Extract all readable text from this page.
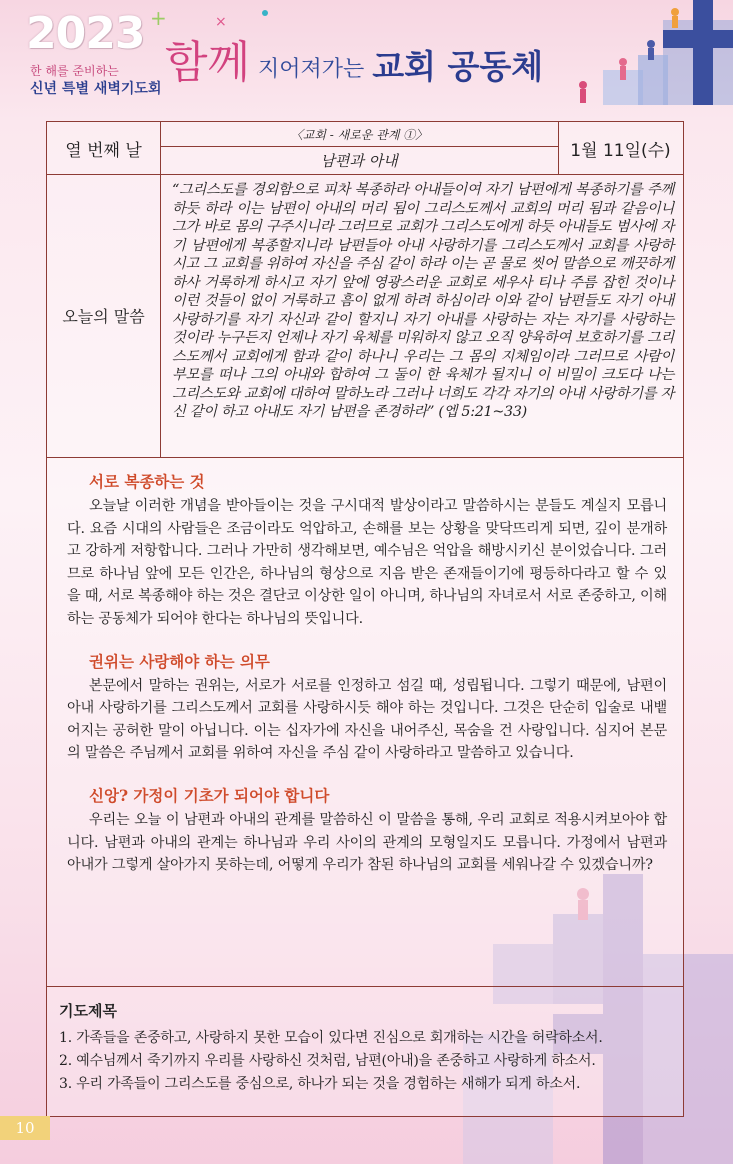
2023
한 해를 준비하는
신년 특별 새벽기도회
+	×
함께 지어져가는 교회 공동체
열 번째 날
〈교회 - 새로운 관계 ①〉
남편과 아내
1월 11일(수)
오늘의 말씀
“그리스도를 경외함으로 피차 복종하라 아내들이여 자기 남편에게 복종하기를 주께 하듯 하라 이는 남편이 아내의 머리 됨이 그리스도께서 교회의 머리 됨과 같음이니 그가 바로 몸의 구주시니라 그러므로 교회가 그리스도에게 하듯 아내들도 범사에 자기 남편에게 복종할지니라 남편들아 아내 사랑하기를 그리스도께서 교회를 사랑하시고 그 교회를 위하여 자신을 주심 같이 하라 이는 곧 물로 씻어 말씀으로 깨끗하게 하사 거룩하게 하시고 자기 앞에 영광스러운 교회로 세우사 티나 주름 잡힌 것이나 이런 것들이 없이 거룩하고 흠이 없게 하려 하심이라 이와 같이 남편들도 자기 아내 사랑하기를 자기 자신과 같이 할지니 자기 아내를 사랑하는 자는 자기를 사랑하는 것이라 누구든지 언제나 자기 육체를 미워하지 않고 오직 양육하여 보호하기를 그리스도께서 교회에게 함과 같이 하나니 우리는 그 몸의 지체임이라 그러므로 사람이 부모를 떠나 그의 아내와 합하여 그 둘이 한 육체가 될지니 이 비밀이 크도다 나는 그리스도와 교회에 대하여 말하노라 그러나 너희도 각각 자기의 아내 사랑하기를 자신 같이 하고 아내도 자기 남편을 존경하라” (엡 5:21~33)
서로 복종하는 것

오늘날 이러한 개념을 받아들이는 것을 구시대적 발상이라고 말씀하시는 분들도 계실지 모릅니다. 요즘 시대의 사람들은 조금이라도 억압하고, 손해를 보는 상황을 맞닥뜨리게 되면, 깊이 분개하고 강하게 저항합니다. 그러나 가만히 생각해보면, 예수님은 억압을 해방시키신 분이었습니다. 그러므로 하나님 앞에 모든 인간은, 하나님의 형상으로 지음 받은 존재들이기에 평등하다라고 할 수 있을 때, 서로 복종해야 하는 것은 결단코 이상한 일이 아니며, 하나님의 자녀로서 서로 존중하고, 이해하는 공동체가 되어야 한다는 하나님의 뜻입니다.

권위는 사랑해야 하는 의무

본문에서 말하는 권위는, 서로가 서로를 인정하고 섬길 때, 성립됩니다. 그렇기 때문에, 남편이 아내 사랑하기를 그리스도께서 교회를 사랑하시듯 해야 하는 것입니다. 그것은 단순히 입술로 내뱉어지는 공허한 말이 아닙니다. 이는 십자가에 자신을 내어주신, 목숨을 건 사랑입니다. 심지어 본문의 말씀은 주님께서 교회를 위하여 자신을 주심 같이 사랑하라고 말씀하고 있습니다.

신앙? 가정이 기초가 되어야 합니다

우리는 오늘 이 남편과 아내의 관계를 말씀하신 이 말씀을 통해, 우리 교회로 적용시켜보아야 합니다. 남편과 아내의 관계는 하나님과 우리 사이의 관계의 모형일지도 모릅니다. 가정에서 남편과 아내가 그렇게 살아가지 못하는데, 어떻게 우리가 참된 하나님의 교회를 세워나갈 수 있겠습니까?

기도제목
1. 가족들을 존중하고, 사랑하지 못한 모습이 있다면 진심으로 회개하는 시간을 허락하소서.
2. 예수님께서 죽기까지 우리를 사랑하신 것처럼, 남편(아내)을 존중하고 사랑하게 하소서.
3. 우리 가족들이 그리스도를 중심으로, 하나가 되는 것을 경험하는 새해가 되게 하소서.
10
